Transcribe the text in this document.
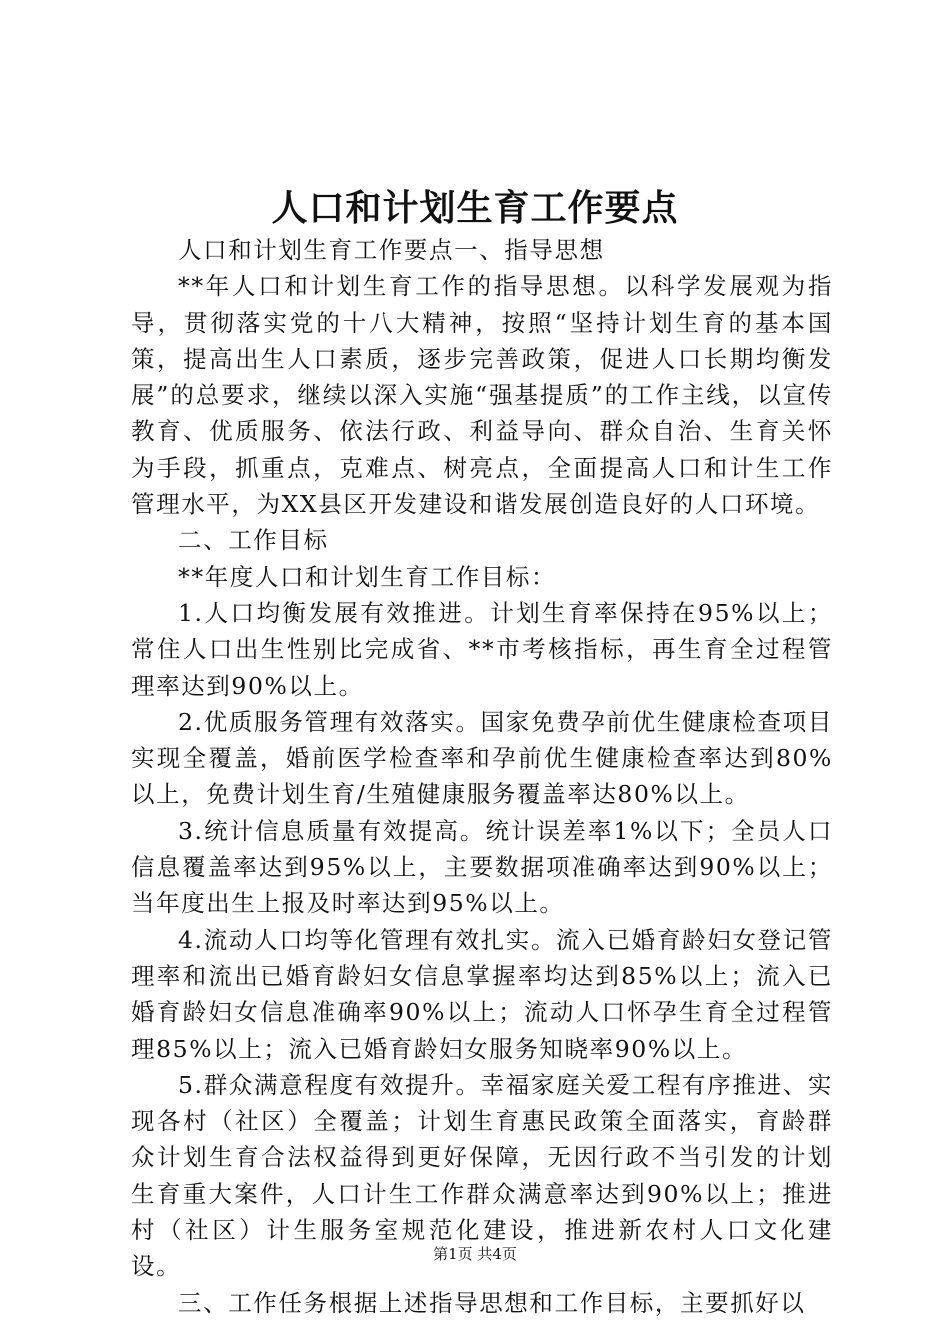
人口和计划生育工作要点

人口和计划生育工作要点一、指导思想

**年人口和计划生育工作的指导思想。以科学发展观为指导，贯彻落实党的十八大精神，按照“坚持计划生育的基本国策，提高出生人口素质，逐步完善政策，促进人口长期均衡发展”的总要求，继续以深入实施“强基提质”的工作主线，以宣传教育、优质服务、依法行政、利益导向、群众自治、生育关怀为手段，抓重点，克难点、树亮点，全面提高人口和计生工作管理水平，为XX县区开发建设和谐发展创造良好的人口环境。

二、工作目标

**年度人口和计划生育工作目标：

1.人口均衡发展有效推进。计划生育率保持在95%以上；常住人口出生性别比完成省、**市考核指标，再生育全过程管理率达到90%以上。

2.优质服务管理有效落实。国家免费孕前优生健康检查项目实现全覆盖，婚前医学检查率和孕前优生健康检查率达到80%以上，免费计划生育/生殖健康服务覆盖率达80%以上。

3.统计信息质量有效提高。统计误差率1%以下；全员人口信息覆盖率达到95%以上，主要数据项准确率达到90%以上；当年度出生上报及时率达到95%以上。

4.流动人口均等化管理有效扎实。流入已婚育龄妇女登记管理率和流出已婚育龄妇女信息掌握率均达到85%以上；流入已婚育龄妇女信息准确率90%以上；流动人口怀孕生育全过程管理85%以上；流入已婚育龄妇女服务知晓率90%以上。

5.群众满意程度有效提升。幸福家庭关爱工程有序推进、实现各村（社区）全覆盖；计划生育惠民政策全面落实，育龄群众计划生育合法权益得到更好保障，无因行政不当引发的计划生育重大案件，人口计生工作群众满意率达到90%以上；推进村（社区）计生服务室规范化建设，推进新农村人口文化建设。

三、工作任务根据上述指导思想和工作目标，主要抓好以

第1页 共4页
